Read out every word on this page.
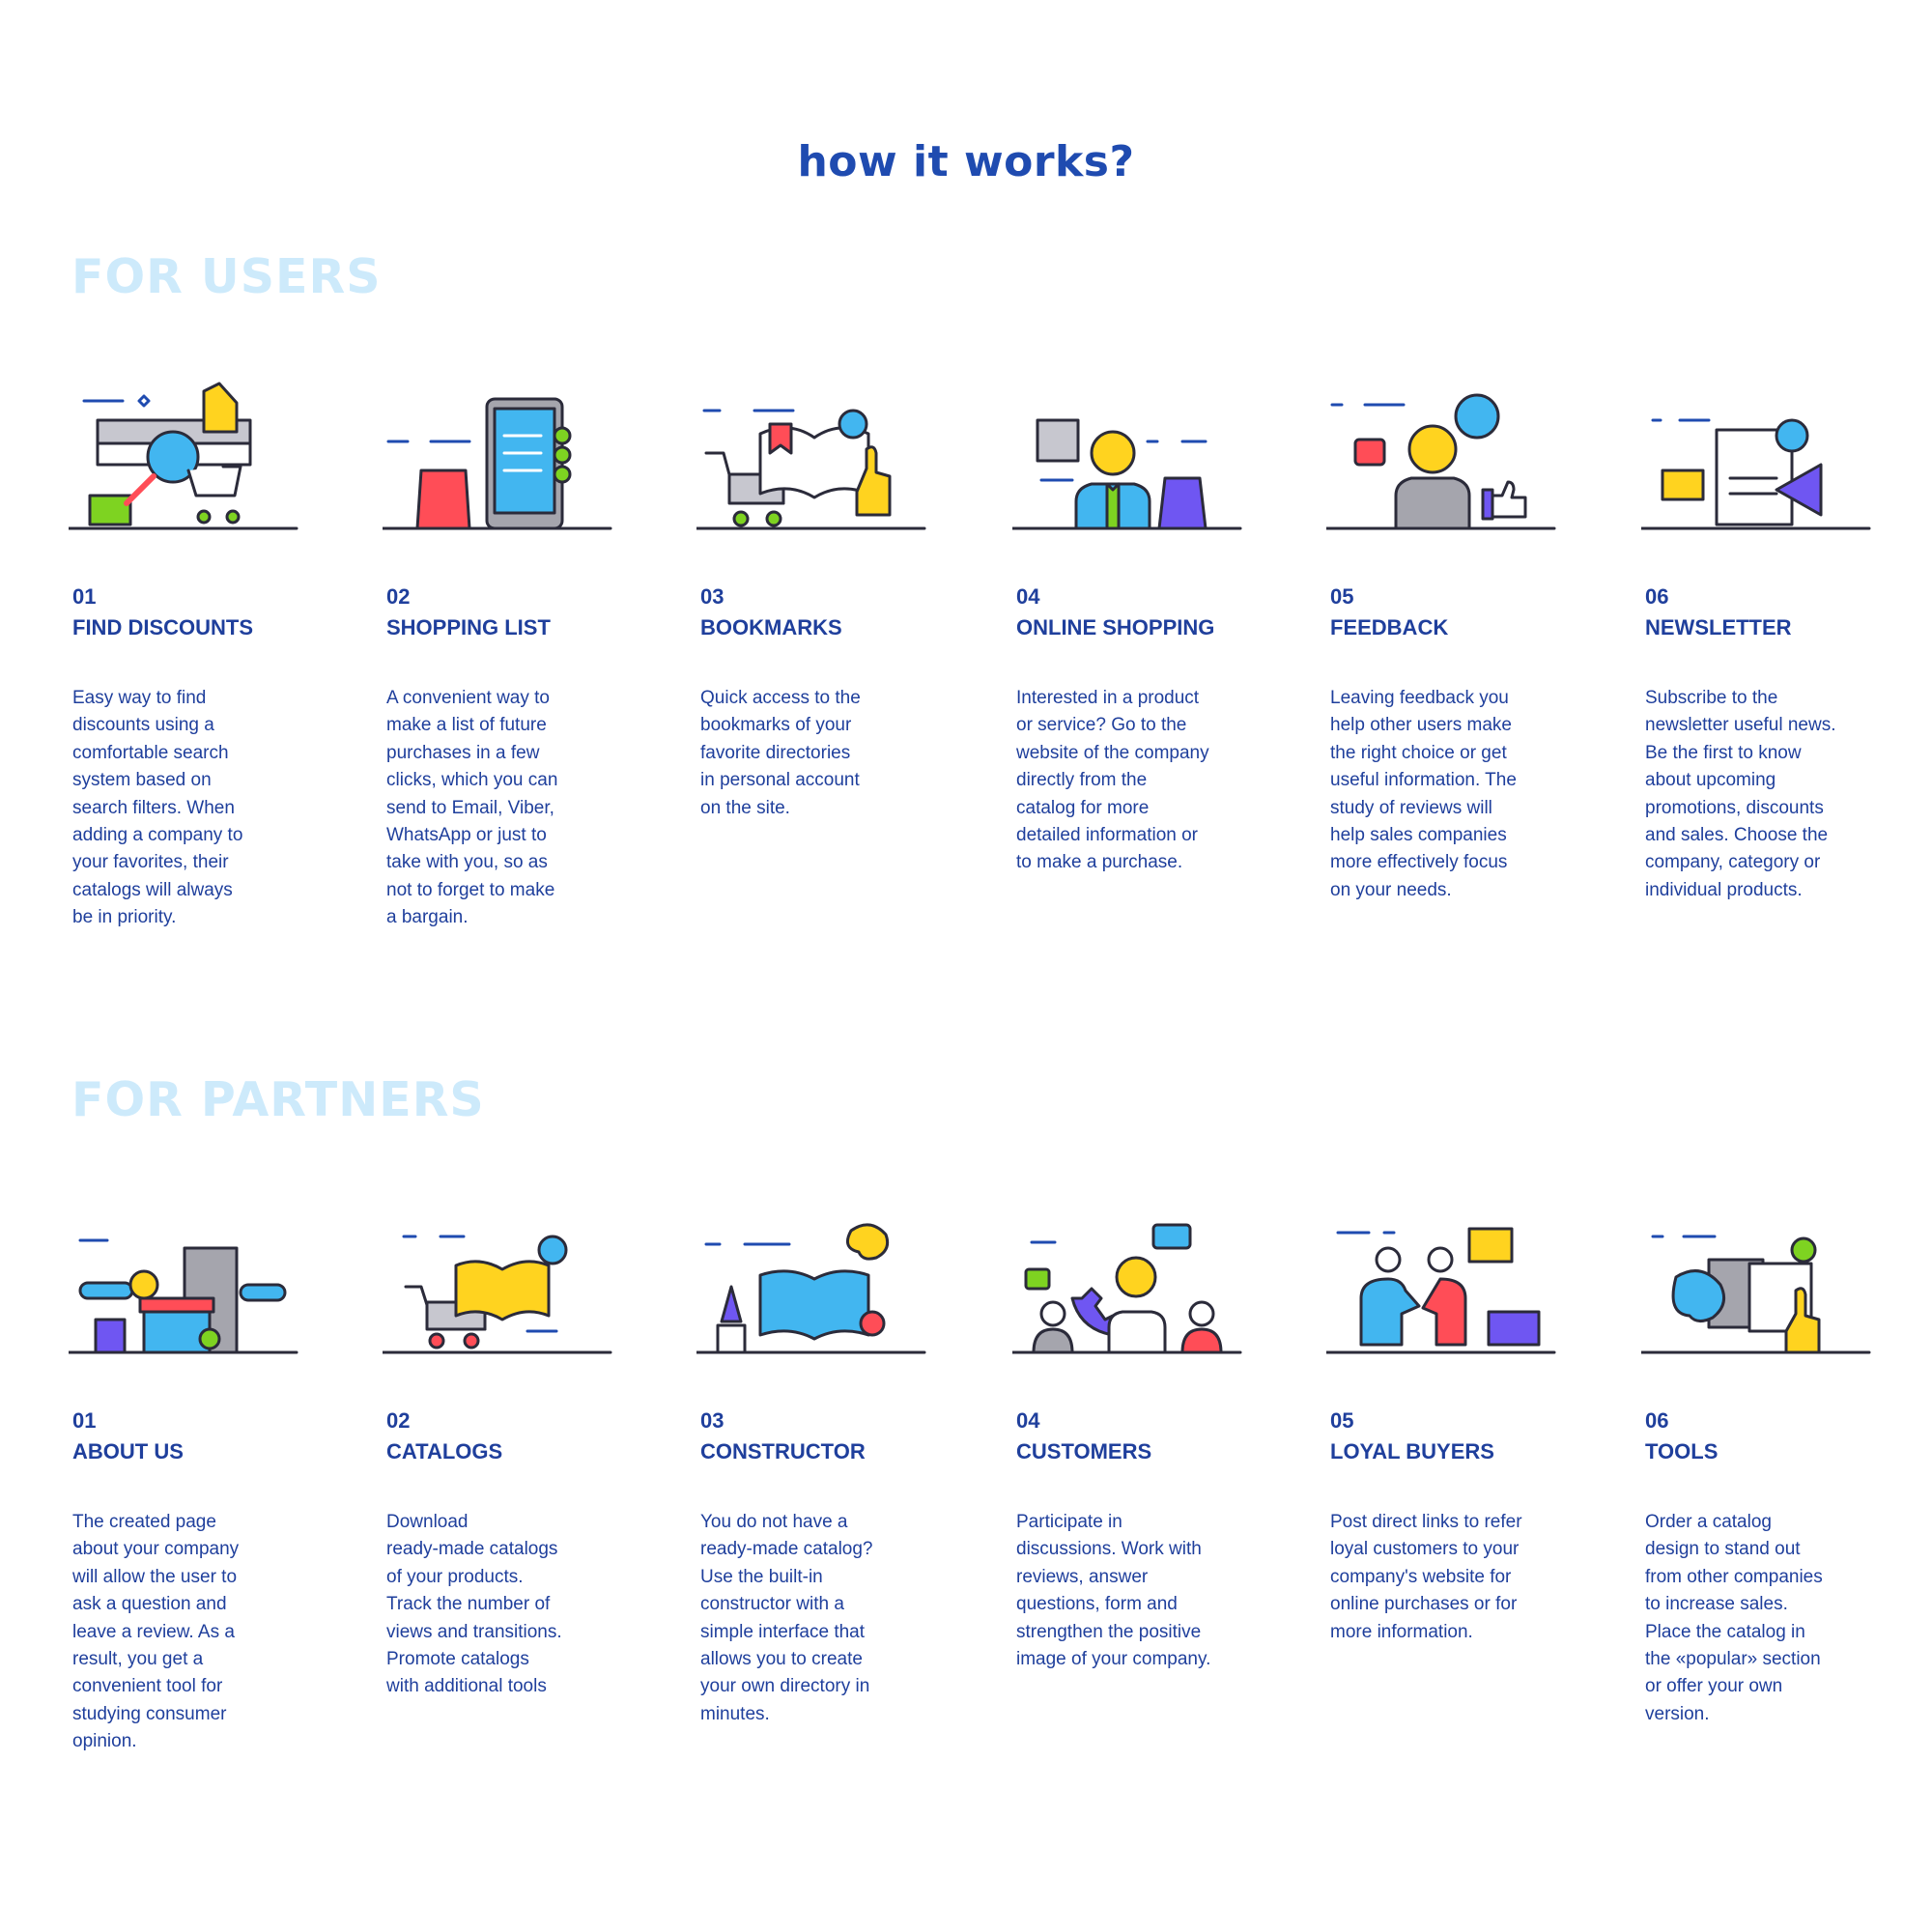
how it works?
FOR USERS
01
FIND DISCOUNTS
Easy way to find
discounts using a
comfortable search
system based on
search filters. When
adding a company to
your favorites, their
catalogs will always
be in priority.
02
SHOPPING LIST
A convenient way to
make a list of future
purchases in a few
clicks, which you can
send to Email, Viber,
WhatsApp or just to
take with you, so as
not to forget to make
a bargain.
03
BOOKMARKS
Quick access to the
bookmarks of your
favorite directories
in personal account
on the site.
04
ONLINE SHOPPING
Interested in a product
or service? Go to the
website of the company
directly from the
catalog for more
detailed information or
to make a purchase.
05
FEEDBACK
Leaving feedback you
help other users make
the right choice or get
useful information. The
study of reviews will
help sales companies
more effectively focus
on your needs.
06
NEWSLETTER
Subscribe to the
newsletter useful news.
Be the first to know
about upcoming
promotions, discounts
and sales. Choose the
company, category or
individual products.
FOR PARTNERS
01
ABOUT US
The created page
about your company
will allow the user to
ask a question and
leave a review. As a
result, you get a
convenient tool for
studying consumer
opinion.
02
CATALOGS
Download
ready-made catalogs
of your products.
Track the number of
views and transitions.
Promote catalogs
with additional tools
03
CONSTRUCTOR
You do not have a
ready-made catalog?
Use the built-in
constructor with a
simple interface that
allows you to create
your own directory in
minutes.
04
CUSTOMERS
Participate in
discussions. Work with
reviews, answer
questions, form and
strengthen the positive
image of your company.
05
LOYAL BUYERS
Post direct links to refer
loyal customers to your
company's website for
online purchases or for
more information.
06
TOOLS
Order a catalog
design to stand out
from other companies
to increase sales.
Place the catalog in
the «popular» section
or offer your own
version.
